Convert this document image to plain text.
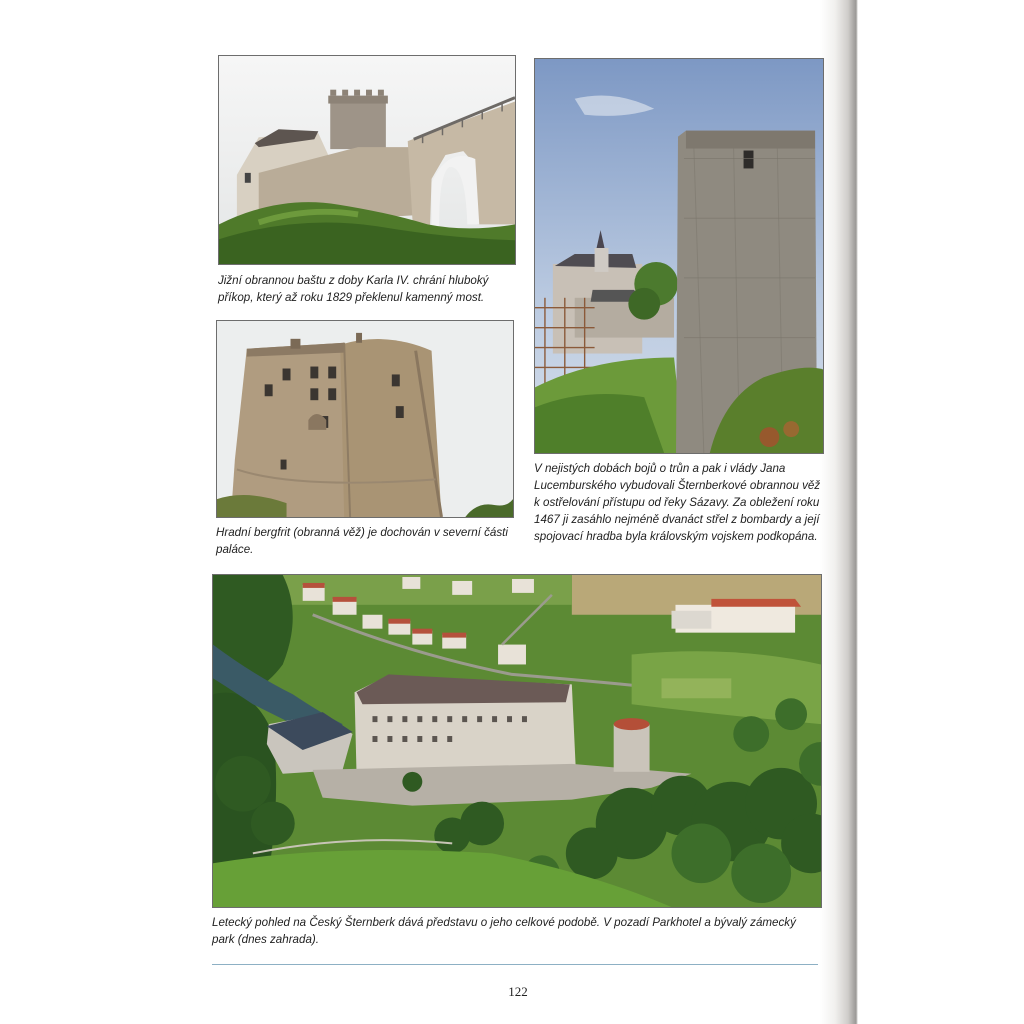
Jižní obrannou baštu z doby Karla IV. chrání hluboký příkop, který až roku 1829 překlenul kamenný most.

Hradní bergfrit (obranná věž) je dochován v severní části paláce.

V nejistých dobách bojů o trůn a pak i vlády Jana Lucemburského vybudovali Šternberkové obrannou věž k ostřelování přístupu od řeky Sázavy. Za obležení roku 1467 ji zasáhlo nejméně dvanáct střel z bombardy a její spojovací hradba byla královským vojskem podkopána.

Letecký pohled na Český Šternberk dává představu o jeho celkové podobě. V pozadí Parkhotel a bývalý zámecký park (dnes zahrada).

122
